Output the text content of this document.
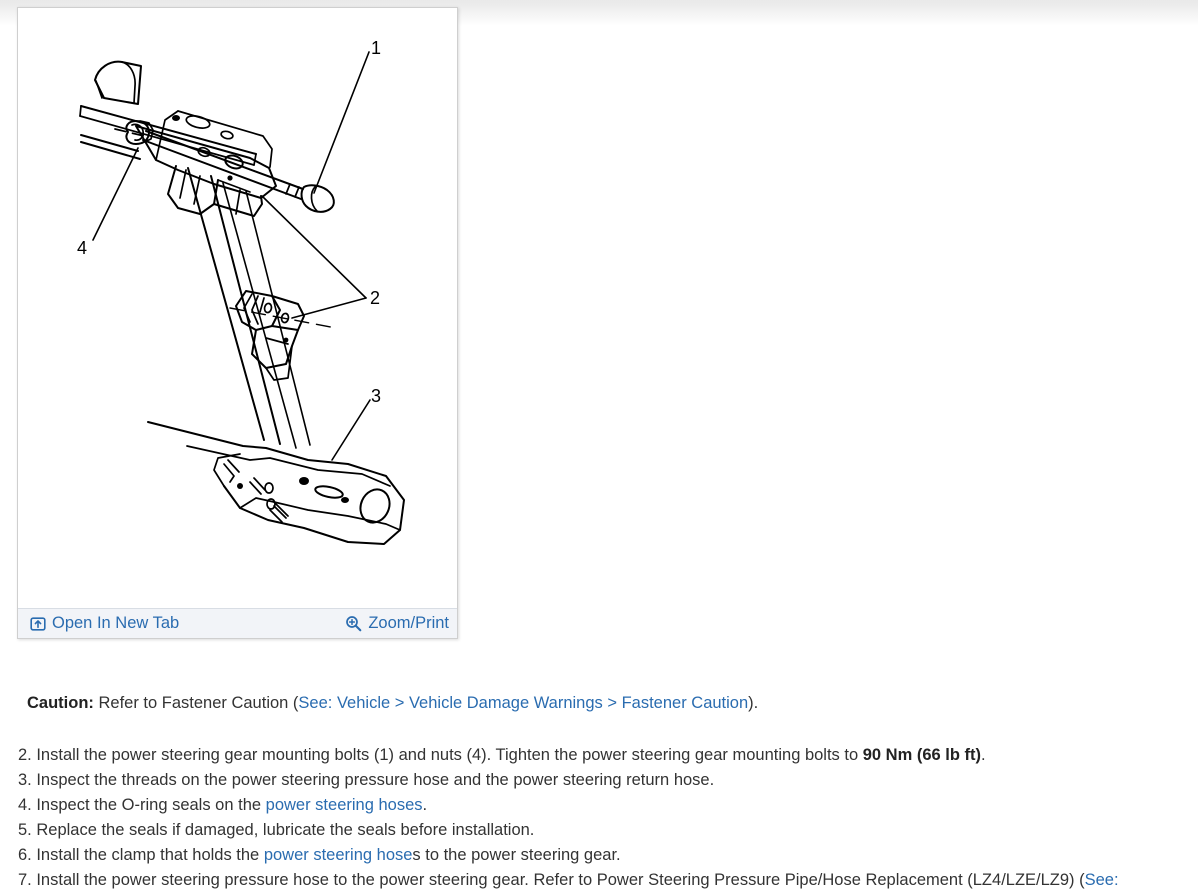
1
2
3
4
Open In New Tab	Zoom/Print
Caution: Refer to Fastener Caution (See: Vehicle > Vehicle Damage Warnings > Fastener Caution).
2. Install the power steering gear mounting bolts (1) and nuts (4). Tighten the power steering gear mounting bolts to 90 Nm (66 lb ft).
3. Inspect the threads on the power steering pressure hose and the power steering return hose.
4. Inspect the O-ring seals on the power steering hoses.
5. Replace the seals if damaged, lubricate the seals before installation.
6. Install the clamp that holds the power steering hoses to the power steering gear.
7. Install the power steering pressure hose to the power steering gear. Refer to Power Steering Pressure Pipe/Hose Replacement (LZ4/LZE/LZ9) (See:
